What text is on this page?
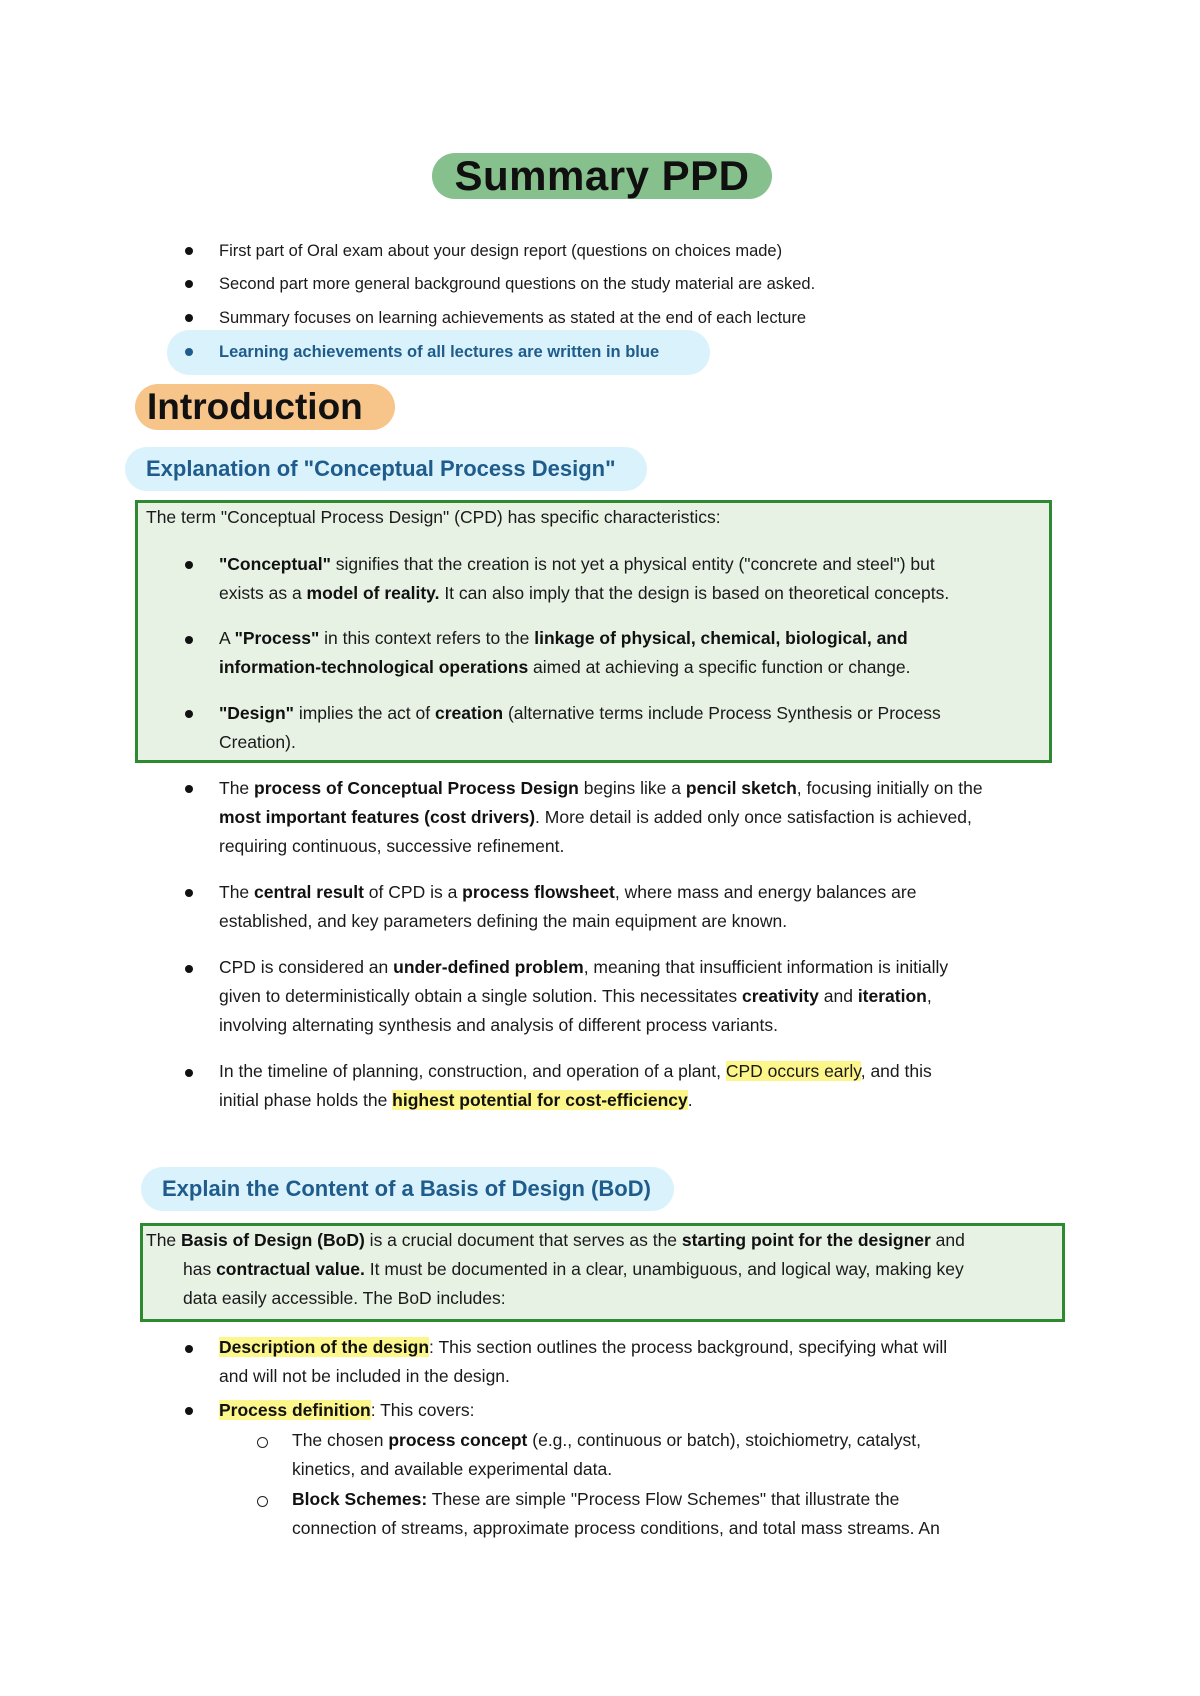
Summary PPD
First part of Oral exam about your design report (questions on choices made)
Second part more general background questions on the study material are asked.
Summary focuses on learning achievements as stated at the end of each lecture
Learning achievements of all lectures are written in blue
Introduction
Explanation of "Conceptual Process Design"
The term "Conceptual Process Design" (CPD) has specific characteristics:
"Conceptual" signifies that the creation is not yet a physical entity ("concrete and steel") but
exists as a model of reality. It can also imply that the design is based on theoretical concepts.
A "Process" in this context refers to the linkage of physical, chemical, biological, and
information-technological operations aimed at achieving a specific function or change.
"Design" implies the act of creation (alternative terms include Process Synthesis or Process
Creation).
The process of Conceptual Process Design begins like a pencil sketch, focusing initially on the
most important features (cost drivers). More detail is added only once satisfaction is achieved,
requiring continuous, successive refinement.
The central result of CPD is a process flowsheet, where mass and energy balances are
established, and key parameters defining the main equipment are known.
CPD is considered an under-defined problem, meaning that insufficient information is initially
given to deterministically obtain a single solution. This necessitates creativity and iteration,
involving alternating synthesis and analysis of different process variants.
In the timeline of planning, construction, and operation of a plant, CPD occurs early, and this
initial phase holds the highest potential for cost-efficiency.
Explain the Content of a Basis of Design (BoD)
The Basis of Design (BoD) is a crucial document that serves as the starting point for the designer and
has contractual value. It must be documented in a clear, unambiguous, and logical way, making key
data easily accessible. The BoD includes:
Description of the design: This section outlines the process background, specifying what will
and will not be included in the design.
Process definition: This covers:
The chosen process concept (e.g., continuous or batch), stoichiometry, catalyst,
kinetics, and available experimental data.
Block Schemes: These are simple "Process Flow Schemes" that illustrate the
connection of streams, approximate process conditions, and total mass streams. An
